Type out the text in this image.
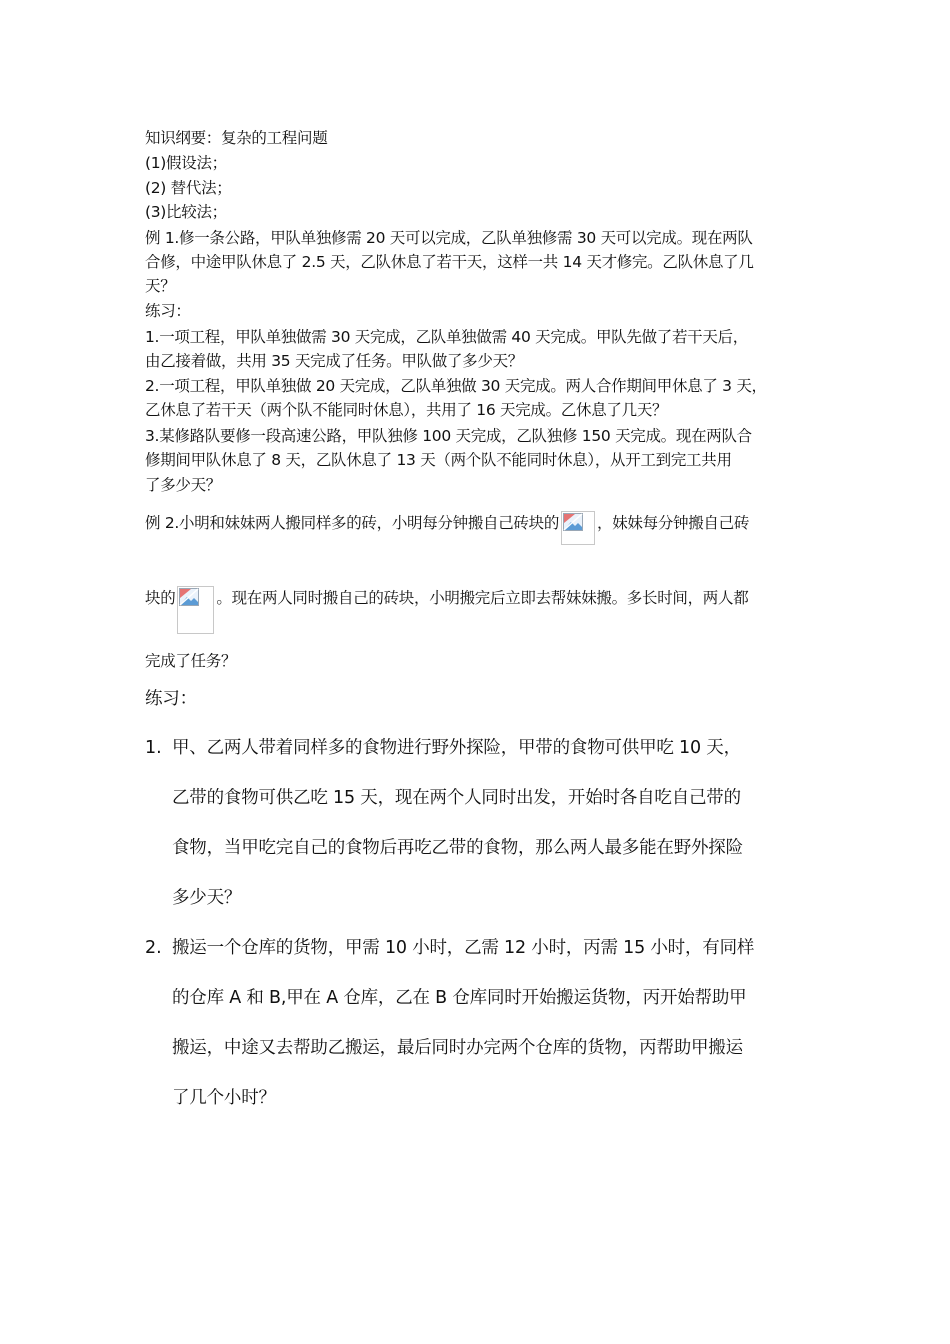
知识纲要：复杂的工程问题
(1)假设法；
(2) 替代法；
(3)比较法；
例 1.修一条公路，甲队单独修需 20 天可以完成，乙队单独修需 30 天可以完成。现在两队
合修，中途甲队休息了 2.5 天，乙队休息了若干天，这样一共 14 天才修完。乙队休息了几
天？
练习：
1.一项工程，甲队单独做需 30 天完成，乙队单独做需 40 天完成。甲队先做了若干天后，
由乙接着做，共用 35 天完成了任务。甲队做了多少天？
2.一项工程，甲队单独做 20 天完成，乙队单独做 30 天完成。两人合作期间甲休息了 3 天，
乙休息了若干天（两个队不能同时休息），共用了 16 天完成。乙休息了几天？
3.某修路队要修一段高速公路，甲队独修 100 天完成，乙队独修 150 天完成。现在两队合
修期间甲队休息了 8 天，乙队休息了 13 天（两个队不能同时休息），从开工到完工共用
了多少天？
例 2.小明和妹妹两人搬同样多的砖，小明每分钟搬自己砖块的 ，妹妹每分钟搬自己砖
块的	。现在两人同时搬自己的砖块，小明搬完后立即去帮妹妹搬。多长时间，两人都
完成了任务？
练习：
1. 甲、乙两人带着同样多的食物进行野外探险，甲带的食物可供甲吃 10 天，
乙带的食物可供乙吃 15 天，现在两个人同时出发，开始时各自吃自己带的
食物，当甲吃完自己的食物后再吃乙带的食物，那么两人最多能在野外探险
多少天？
2. 搬运一个仓库的货物，甲需 10 小时，乙需 12 小时，丙需 15 小时，有同样
的仓库 A 和 B,甲在 A 仓库，乙在 B 仓库同时开始搬运货物，丙开始帮助甲
搬运，中途又去帮助乙搬运，最后同时办完两个仓库的货物，丙帮助甲搬运
了几个小时？
